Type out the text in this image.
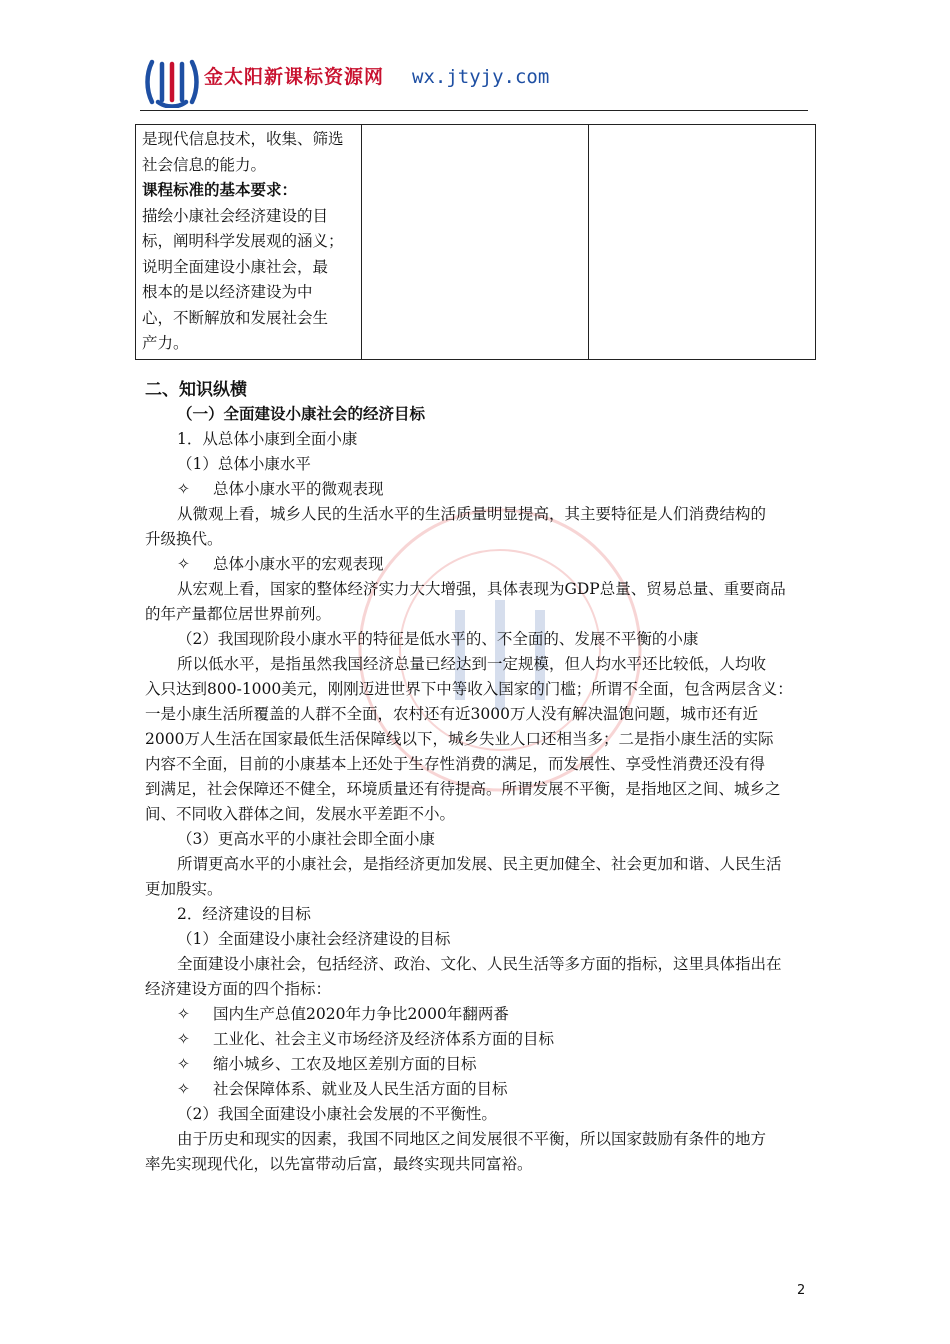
金太阳新课标资源网 wx.jtyjy.com

是现代信息技术，收集、筛选

社会信息的能力。

课程标准的基本要求：

描绘小康社会经济建设的目

标，阐明科学发展观的涵义；

说明全面建设小康社会，最

根本的是以经济建设为中

心，不断解放和发展社会生

产力。

二、知识纵横

（一）全面建设小康社会的经济目标

1．从总体小康到全面小康

（1）总体小康水平

✧ 总体小康水平的微观表现

从微观上看，城乡人民的生活水平的生活质量明显提高，其主要特征是人们消费结构的

升级换代。

✧ 总体小康水平的宏观表现

从宏观上看，国家的整体经济实力大大增强，具体表现为GDP总量、贸易总量、重要商品

的年产量都位居世界前列。

（2）我国现阶段小康水平的特征是低水平的、不全面的、发展不平衡的小康

所以低水平，是指虽然我国经济总量已经达到一定规模，但人均水平还比较低，人均收

入只达到800-1000美元，刚刚迈进世界下中等收入国家的门槛；所谓不全面，包含两层含义：

一是小康生活所覆盖的人群不全面，农村还有近3000万人没有解决温饱问题，城市还有近

2000万人生活在国家最低生活保障线以下，城乡失业人口还相当多；二是指小康生活的实际

内容不全面，目前的小康基本上还处于生存性消费的满足，而发展性、享受性消费还没有得

到满足，社会保障还不健全，环境质量还有待提高。所谓发展不平衡，是指地区之间、城乡之

间、不同收入群体之间，发展水平差距不小。

（3）更高水平的小康社会即全面小康

所谓更高水平的小康社会，是指经济更加发展、民主更加健全、社会更加和谐、人民生活

更加殷实。

2．经济建设的目标

（1）全面建设小康社会经济建设的目标

全面建设小康社会，包括经济、政治、文化、人民生活等多方面的指标，这里具体指出在

经济建设方面的四个指标：

✧ 国内生产总值2020年力争比2000年翻两番

✧ 工业化、社会主义市场经济及经济体系方面的目标

✧ 缩小城乡、工农及地区差别方面的目标

✧ 社会保障体系、就业及人民生活方面的目标

（2）我国全面建设小康社会发展的不平衡性。

由于历史和现实的因素，我国不同地区之间发展很不平衡，所以国家鼓励有条件的地方

率先实现现代化，以先富带动后富，最终实现共同富裕。

2
